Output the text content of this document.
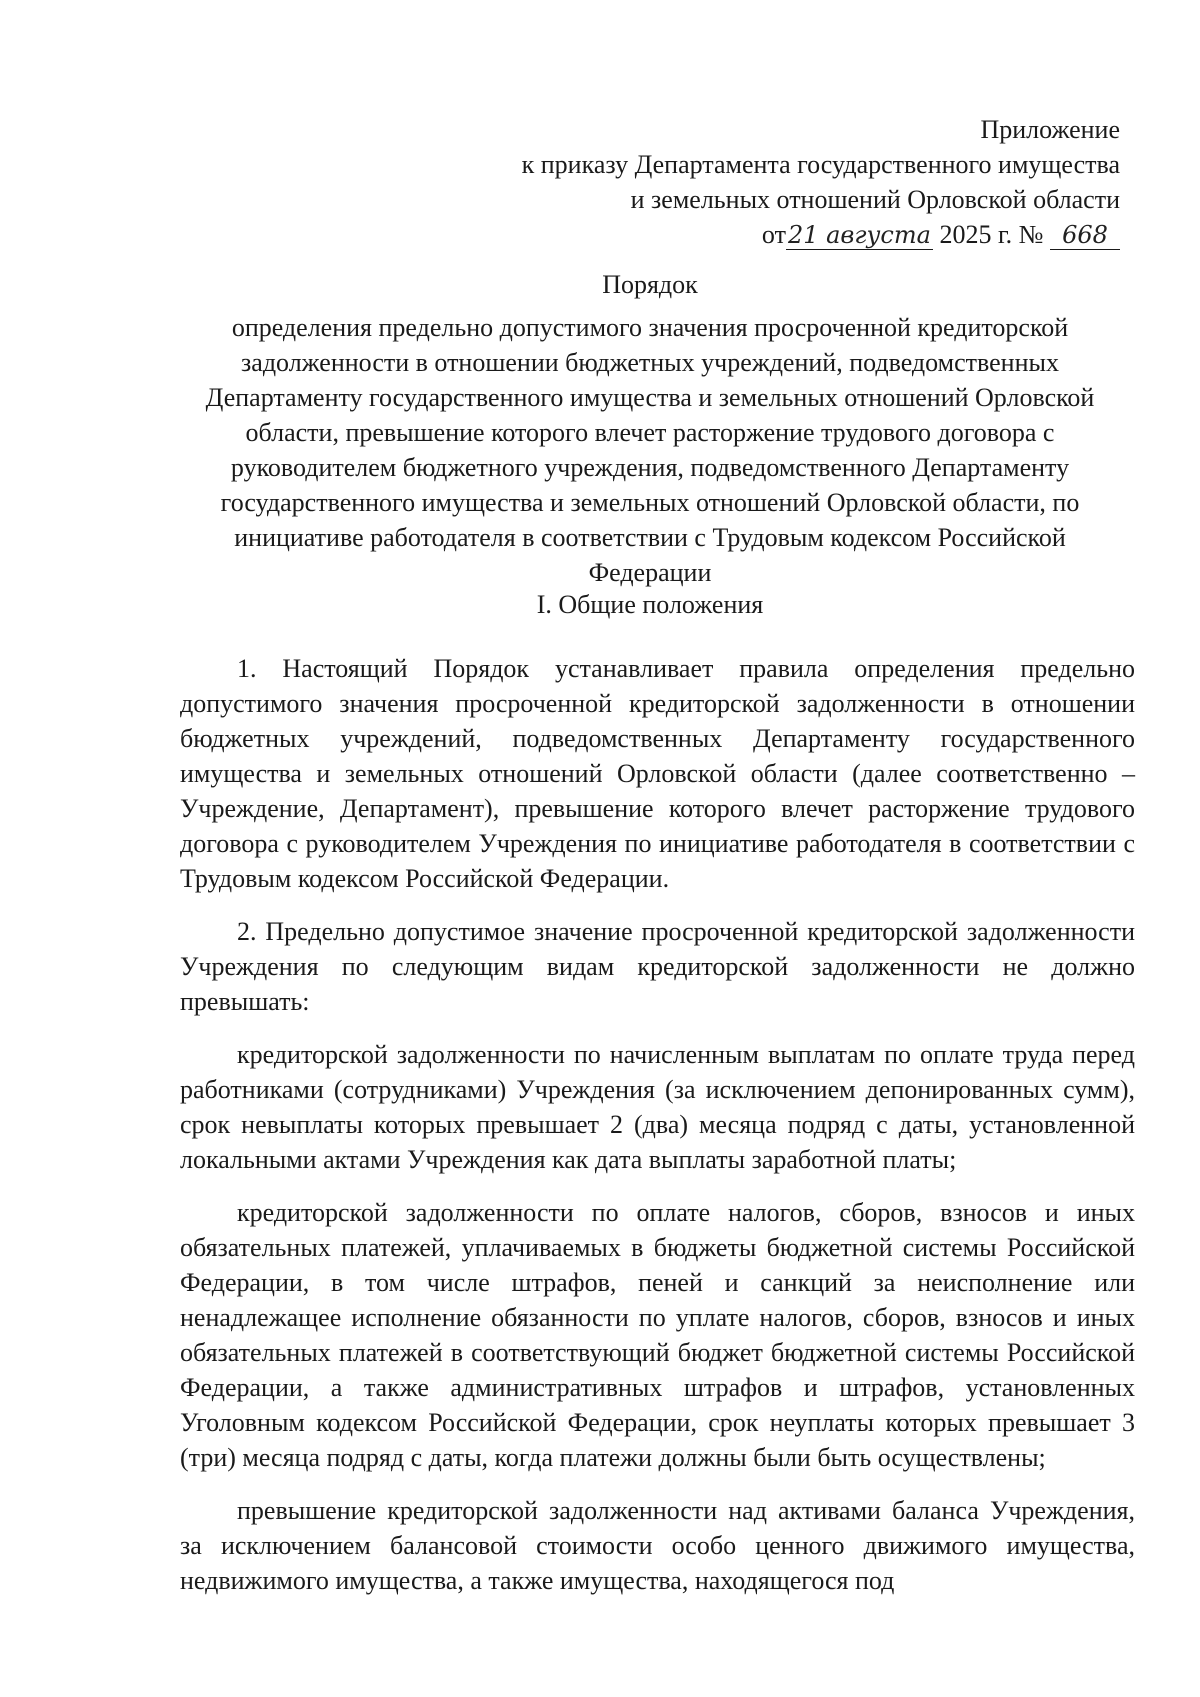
Приложение
к приказу Департамента государственного имущества
и земельных отношений Орловской области
от21 августа 2025 г. № 668
Порядок
определения предельно допустимого значения просроченной кредиторской задолженности в отношении бюджетных учреждений, подведомственных Департаменту государственного имущества и земельных отношений Орловской области, превышение которого влечет расторжение трудового договора с руководителем бюджетного учреждения, подведомственного Департаменту государственного имущества и земельных отношений Орловской области, по инициативе работодателя в соответствии с Трудовым кодексом Российской Федерации
I. Общие положения

1. Настоящий Порядок устанавливает правила определения предельно допустимого значения просроченной кредиторской задолженности в отношении бюджетных учреждений, подведомственных Департаменту государственного имущества и земельных отношений Орловской области (далее соответственно – Учреждение, Департамент), превышение которого влечет расторжение трудового договора с руководителем Учреждения по инициативе работодателя в соответствии с Трудовым кодексом Российской Федерации.

2. Предельно допустимое значение просроченной кредиторской задолженности Учреждения по следующим видам кредиторской задолженности не должно превышать:

кредиторской задолженности по начисленным выплатам по оплате труда перед работниками (сотрудниками) Учреждения (за исключением депонированных сумм), срок невыплаты которых превышает 2 (два) месяца подряд с даты, установленной локальными актами Учреждения как дата выплаты заработной платы;

кредиторской задолженности по оплате налогов, сборов, взносов и иных обязательных платежей, уплачиваемых в бюджеты бюджетной системы Российской Федерации, в том числе штрафов, пеней и санкций за неисполнение или ненадлежащее исполнение обязанности по уплате налогов, сборов, взносов и иных обязательных платежей в соответствующий бюджет бюджетной системы Российской Федерации, а также административных штрафов и штрафов, установленных Уголовным кодексом Российской Федерации, срок неуплаты которых превышает 3 (три) месяца подряд с даты, когда платежи должны были быть осуществлены;

превышение кредиторской задолженности над активами баланса Учреждения, за исключением балансовой стоимости особо ценного движимого имущества, недвижимого имущества, а также имущества, находящегося под
